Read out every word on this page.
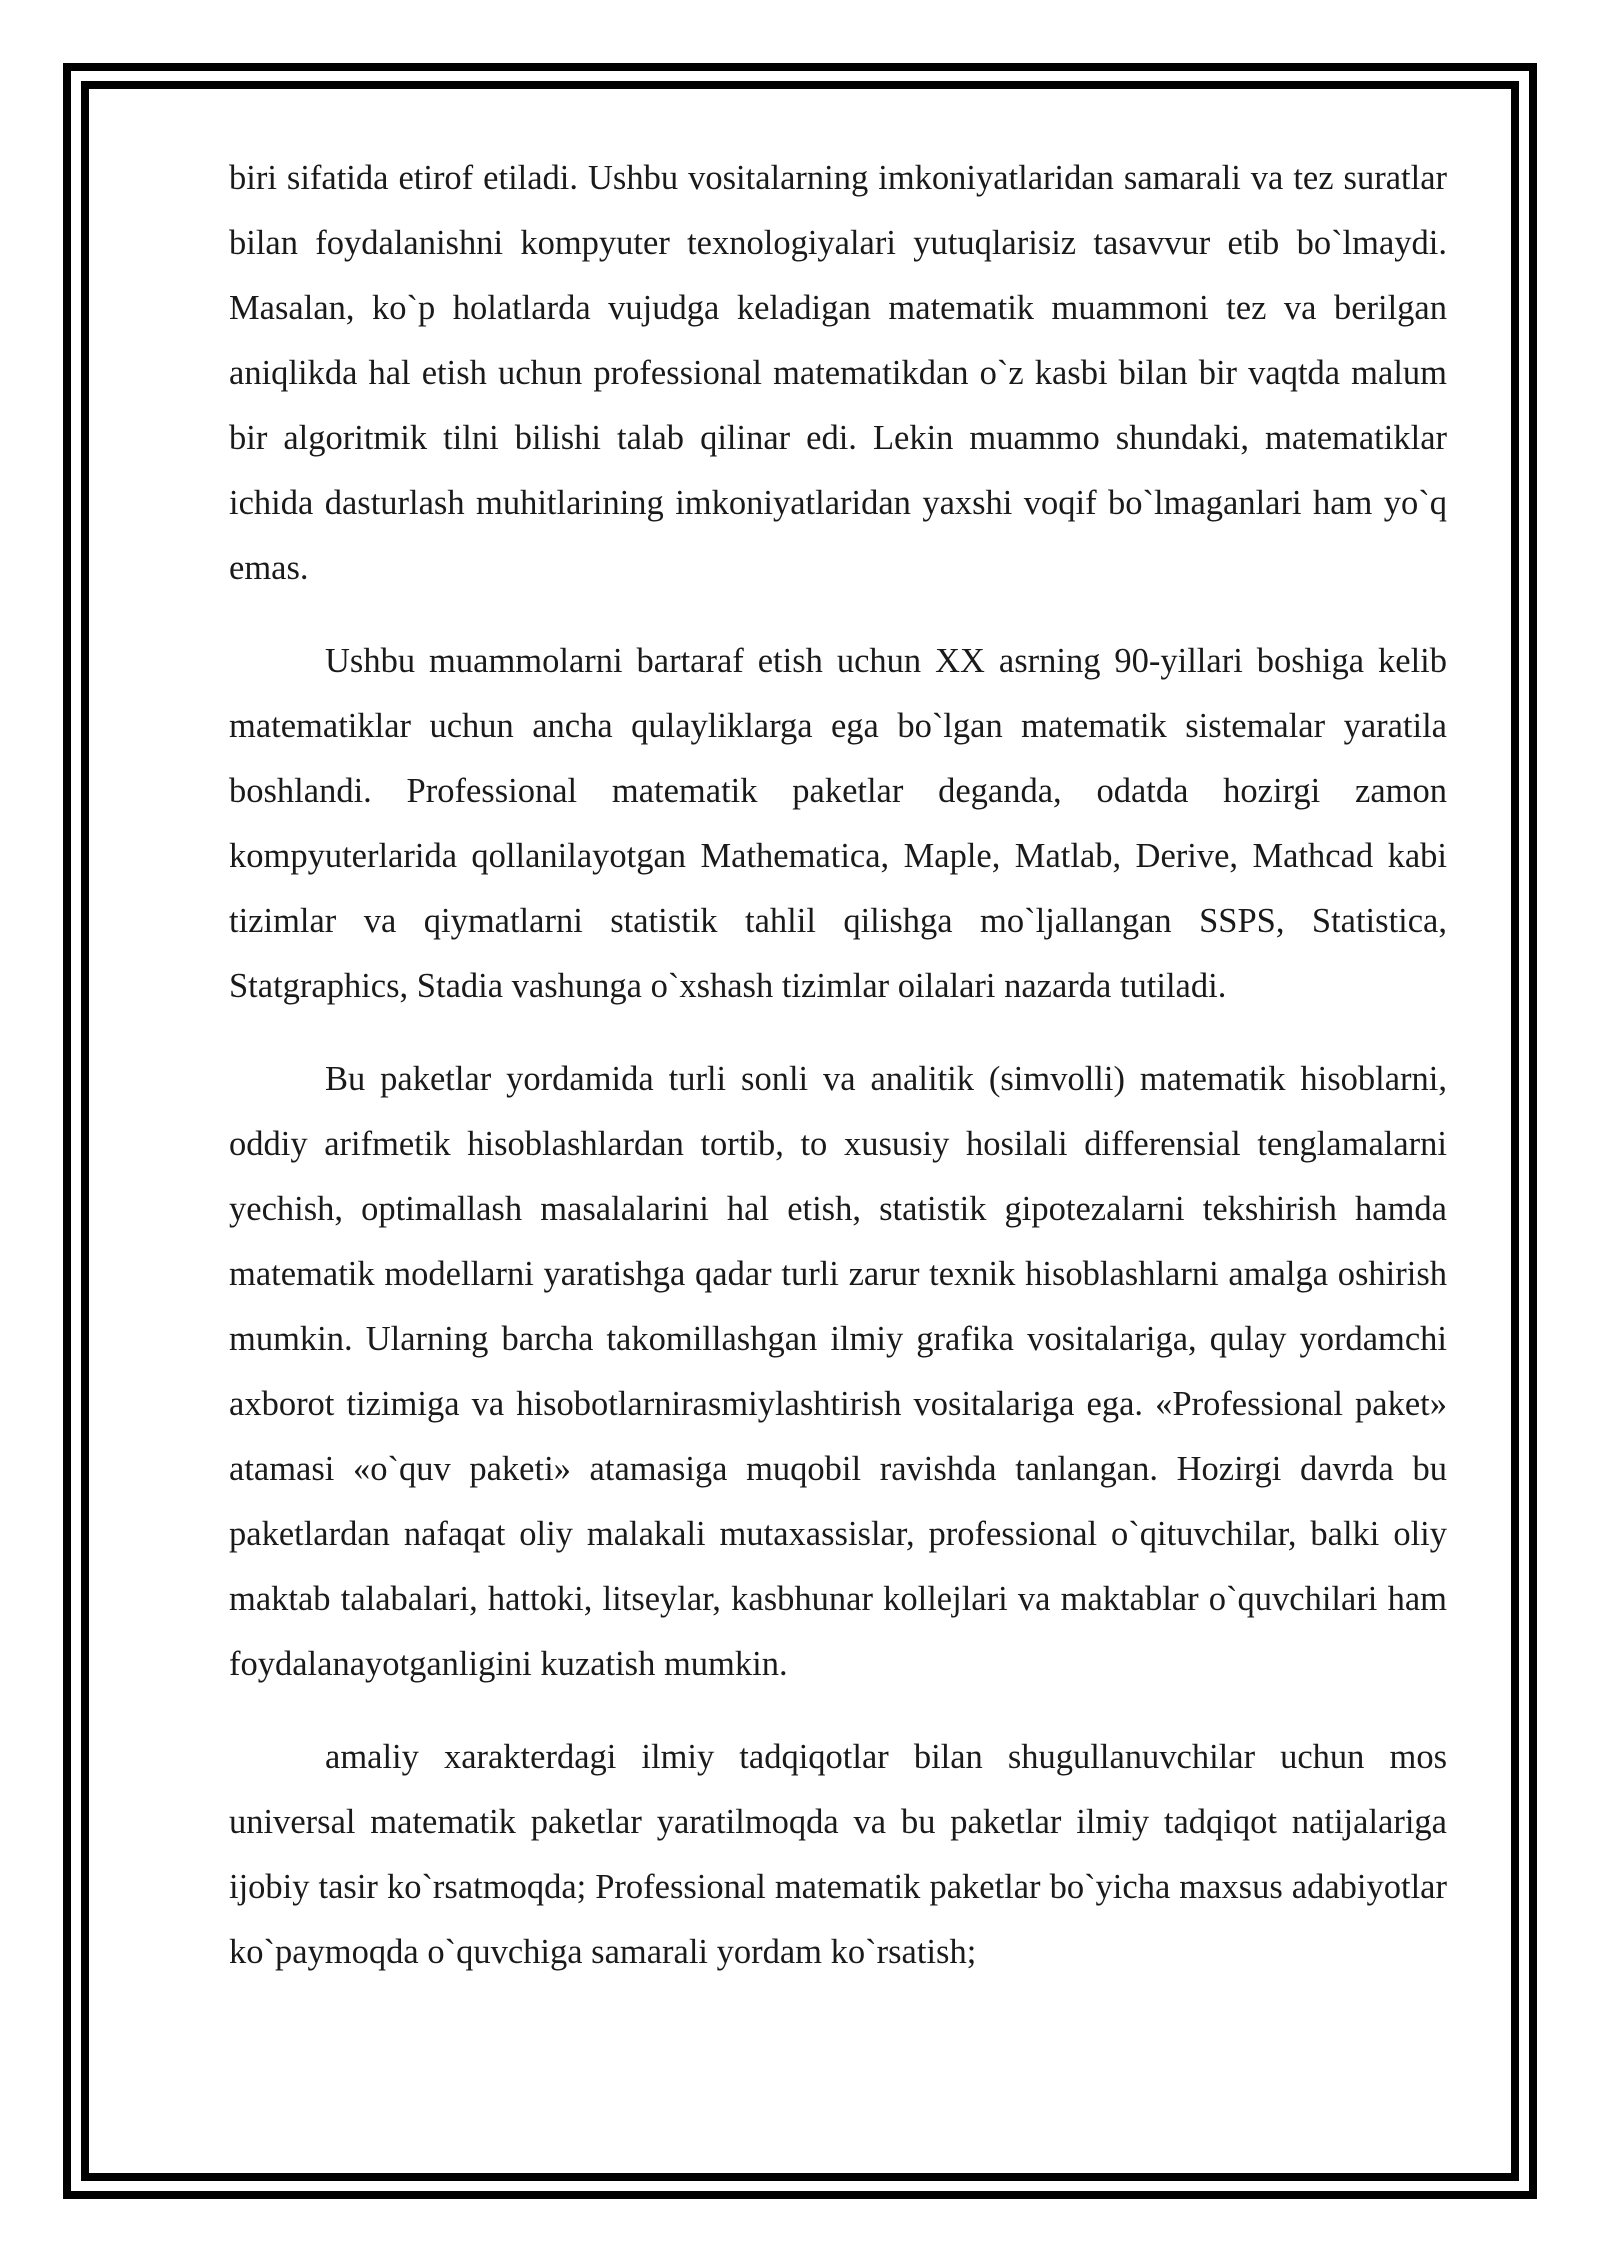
biri sifatida etirof etiladi. Ushbu vositalarning imkoniyatlaridan samarali va tez suratlar bilan foydalanishni kompyuter texnologiyalari yutuqlarisiz tasavvur etib bo`lmaydi. Masalan, ko`p holatlarda vujudga keladigan matematik muammoni tez va berilgan aniqlikda hal etish uchun professional matematikdan o`z kasbi bilan bir vaqtda malum bir algoritmik tilni bilishi talab qilinar edi. Lekin muammo shundaki, matematiklar ichida dasturlash muhitlarining imkoniyatlaridan yaxshi voqif bo`lmaganlari ham yo`q emas.

Ushbu muammolarni bartaraf etish uchun XX asrning 90-yillari boshiga kelib matematiklar uchun ancha qulayliklarga ega bo`lgan matematik sistemalar yaratila boshlandi. Professional matematik paketlar deganda, odatda hozirgi zamon kompyuterlarida qollanilayotgan Mathematica, Maple, Matlab, Derive, Mathcad kabi tizimlar va qiymatlarni statistik tahlil qilishga mo`ljallangan SSPS, Statistica, Statgraphics, Stadia vashunga o`xshash tizimlar oilalari nazarda tutiladi.

Bu paketlar yordamida turli sonli va analitik (simvolli) matematik hisoblarni, oddiy arifmetik hisoblashlardan tortib, to xususiy hosilali differensial tenglamalarni yechish, optimallash masalalarini hal etish, statistik gipotezalarni tekshirish hamda matematik modellarni yaratishga qadar turli zarur texnik hisoblashlarni amalga oshirish mumkin. Ularning barcha takomillashgan ilmiy grafika vositalariga, qulay yordamchi axborot tizimiga va hisobotlarnirasmiylashtirish vositalariga ega. «Professional paket» atamasi «o`quv paketi» atamasiga muqobil ravishda tanlangan. Hozirgi davrda bu paketlardan nafaqat oliy malakali mutaxassislar, professional o`qituvchilar, balki oliy maktab talabalari, hattoki, litseylar, kasbhunar kollejlari va maktablar o`quvchilari ham foydalanayotganligini kuzatish mumkin.

amaliy xarakterdagi ilmiy tadqiqotlar bilan shugullanuvchilar uchun mos universal matematik paketlar yaratilmoqda va bu paketlar ilmiy tadqiqot natijalariga ijobiy tasir ko`rsatmoqda; Professional matematik paketlar bo`yicha maxsus adabiyotlar ko`paymoqda o`quvchiga samarali yordam ko`rsatish;
